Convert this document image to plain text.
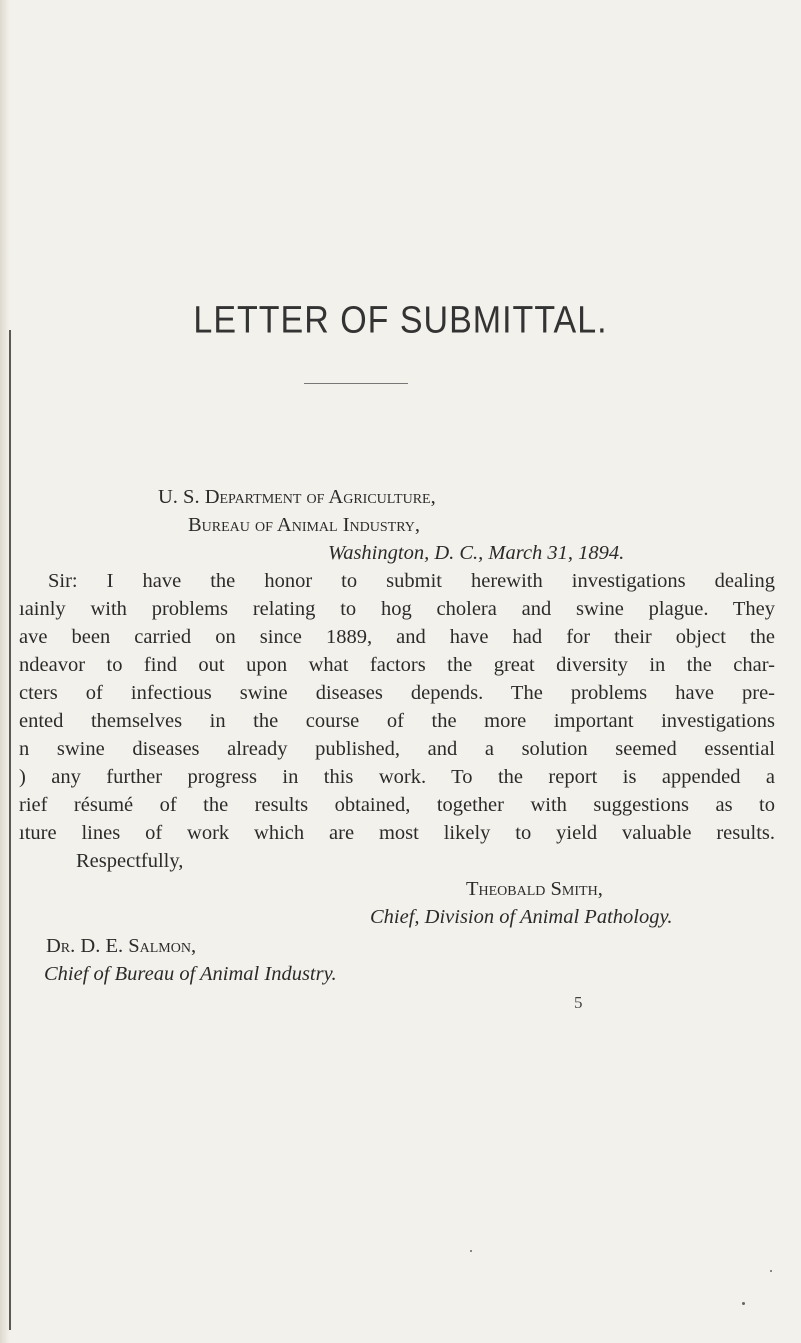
LETTER OF SUBMITTAL.
U. S. Department of Agriculture,
Bureau of Animal Industry,
Washington, D. C., March 31, 1894.
Sir: I have the honor to submit herewith investigations dealing
ıainly with problems relating to hog cholera and swine plague. They
ave been carried on since 1889, and have had for their object the
ndeavor to find out upon what factors the great diversity in the char-
cters of infectious swine diseases depends. The problems have pre-
ented themselves in the course of the more important investigations
n swine diseases already published, and a solution seemed essential
) any further progress in this work. To the report is appended a
rief résumé of the results obtained, together with suggestions as to
ıture lines of work which are most likely to yield valuable results.
Respectfully,
Theobald Smith,
Chief, Division of Animal Pathology.
Dr. D. E. Salmon,
Chief of Bureau of Animal Industry.
5
